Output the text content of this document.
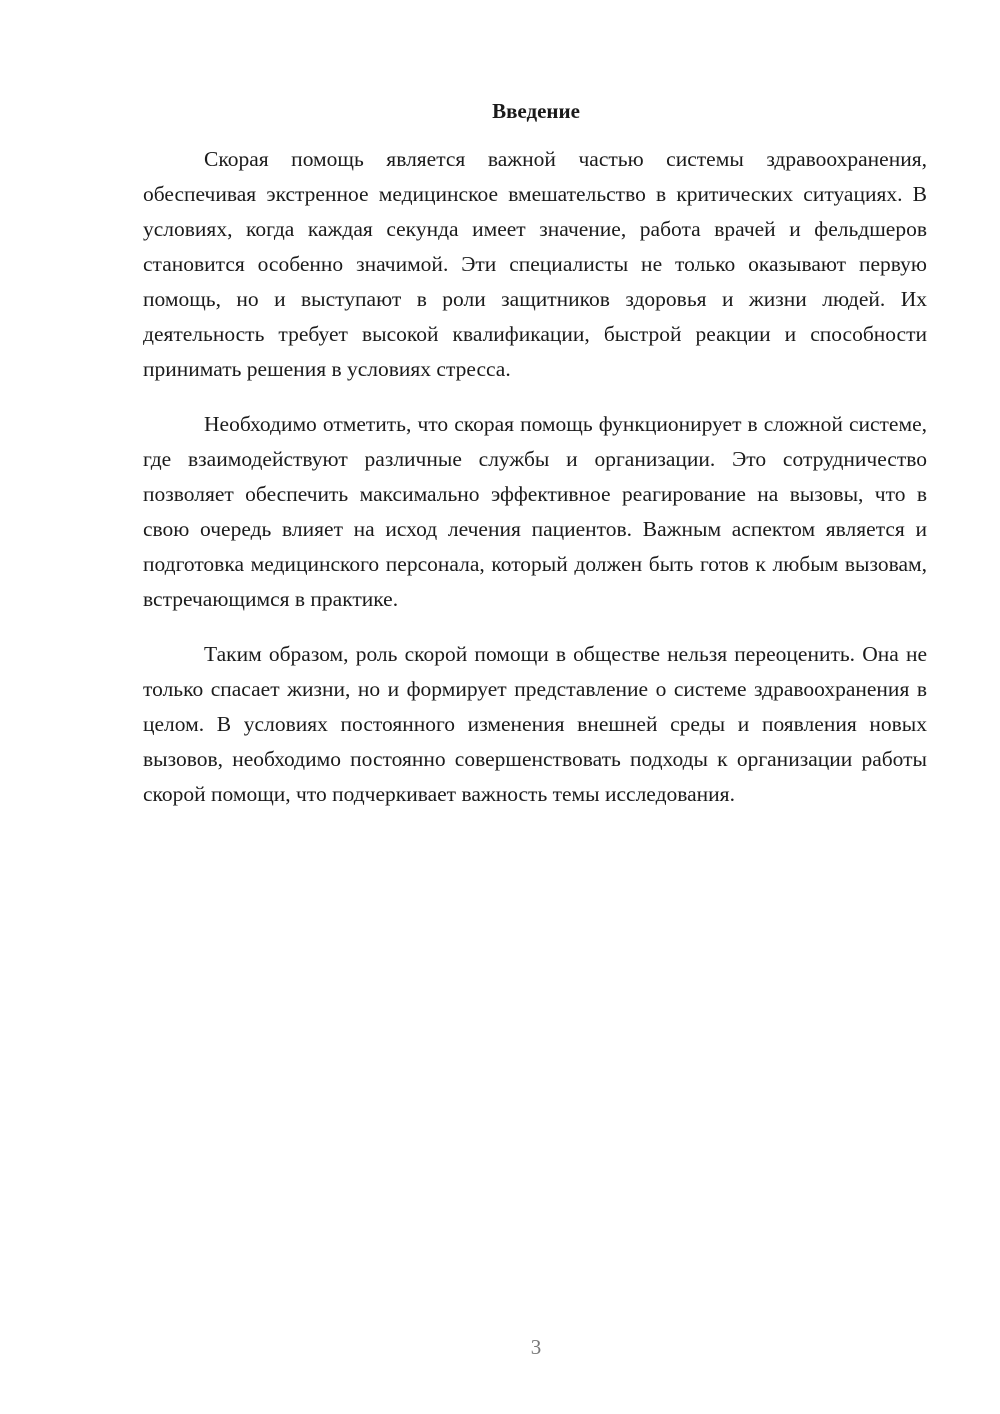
Введение

Скорая помощь является важной частью системы здравоохранения, обеспечивая экстренное медицинское вмешательство в критических ситуациях. В условиях, когда каждая секунда имеет значение, работа врачей и фельдшеров становится особенно значимой. Эти специалисты не только оказывают первую помощь, но и выступают в роли защитников здоровья и жизни людей. Их деятельность требует высокой квалификации, быстрой реакции и способности принимать решения в условиях стресса.

Необходимо отметить, что скорая помощь функционирует в сложной системе, где взаимодействуют различные службы и организации. Это сотрудничество позволяет обеспечить максимально эффективное реагирование на вызовы, что в свою очередь влияет на исход лечения пациентов. Важным аспектом является и подготовка медицинского персонала, который должен быть готов к любым вызовам, встречающимся в практике.

Таким образом, роль скорой помощи в обществе нельзя переоценить. Она не только спасает жизни, но и формирует представление о системе здравоохранения в целом. В условиях постоянного изменения внешней среды и появления новых вызовов, необходимо постоянно совершенствовать подходы к организации работы скорой помощи, что подчеркивает важность темы исследования.

3
